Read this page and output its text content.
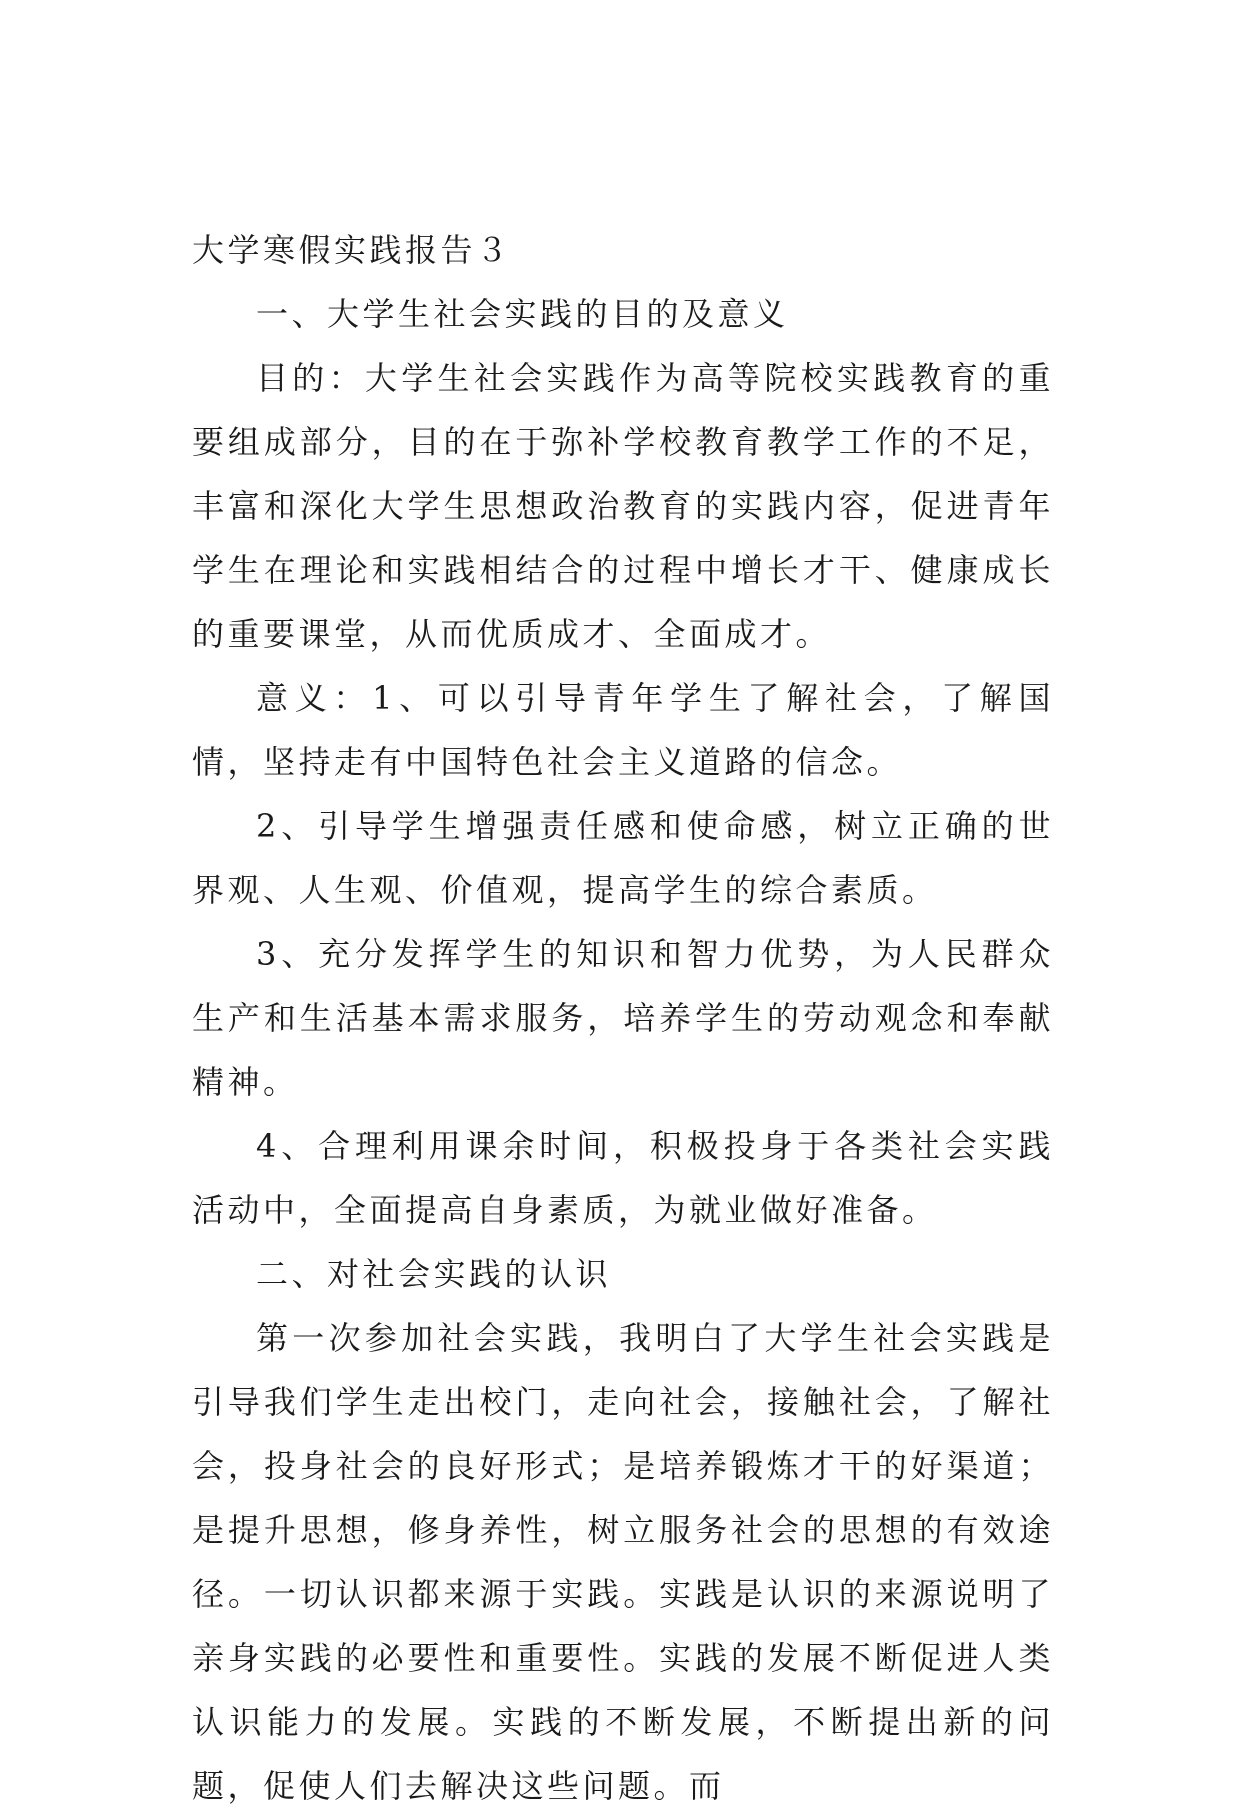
大学寒假实践报告３

一、大学生社会实践的目的及意义

目的：大学生社会实践作为高等院校实践教育的重要组成部分，目的在于弥补学校教育教学工作的不足，丰富和深化大学生思想政治教育的实践内容，促进青年学生在理论和实践相结合的过程中增长才干、健康成长的重要课堂，从而优质成才、全面成才。

意义：1、可以引导青年学生了解社会，了解国情，坚持走有中国特色社会主义道路的信念。

2、引导学生增强责任感和使命感，树立正确的世界观、人生观、价值观，提高学生的综合素质。

3、充分发挥学生的知识和智力优势，为人民群众生产和生活基本需求服务，培养学生的劳动观念和奉献精神。

4、合理利用课余时间，积极投身于各类社会实践活动中，全面提高自身素质，为就业做好准备。

二、对社会实践的认识

第一次参加社会实践，我明白了大学生社会实践是引导我们学生走出校门，走向社会，接触社会，了解社会，投身社会的良好形式；是培养锻炼才干的好渠道；是提升思想，修身养性，树立服务社会的思想的有效途径。一切认识都来源于实践。实践是认识的来源说明了亲身实践的必要性和重要性。实践的发展不断促进人类认识能力的发展。实践的不断发展，不断提出新的问题，促使人们去解决这些问题。而
